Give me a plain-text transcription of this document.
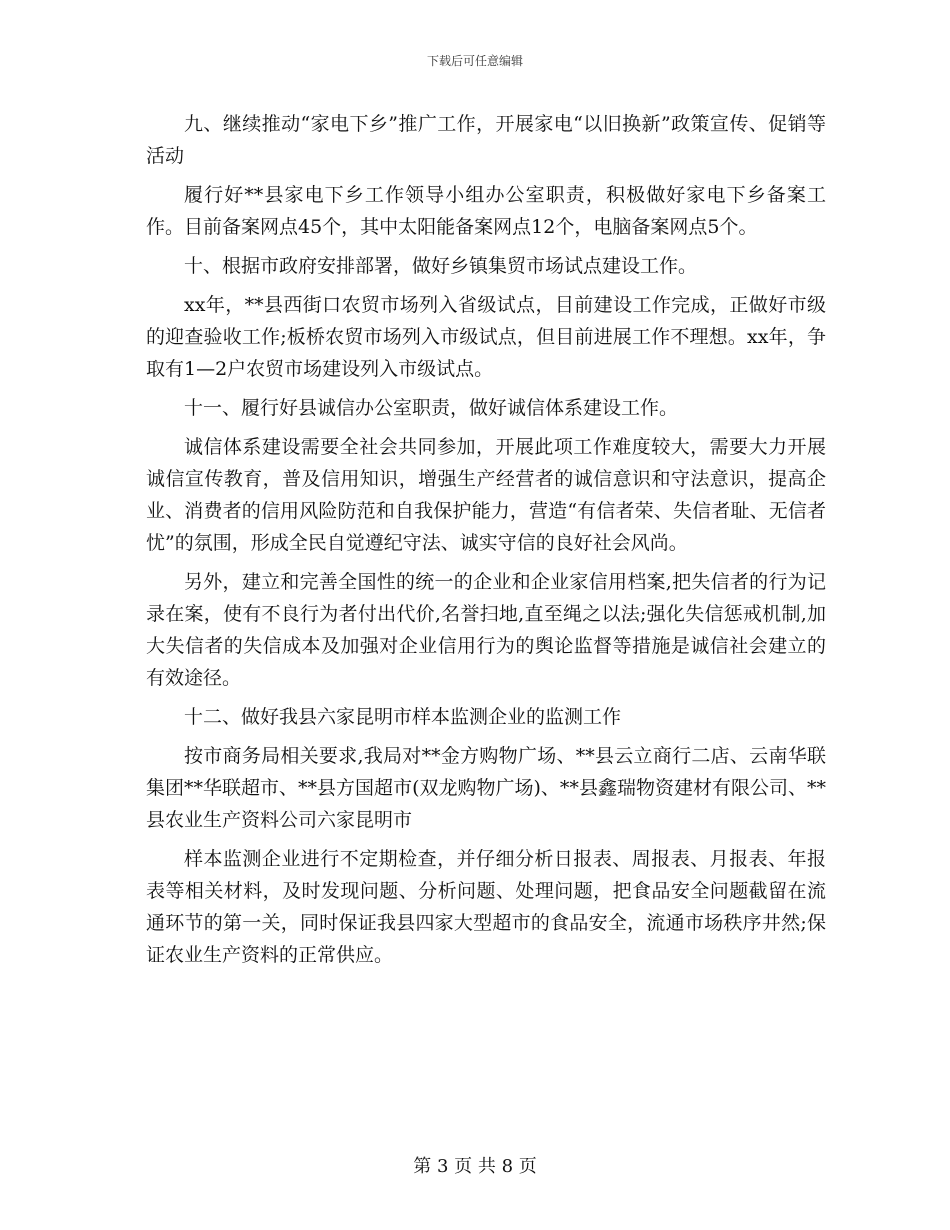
下载后可任意编辑

九、继续推动“家电下乡”推广工作，开展家电“以旧换新”政策宣传、促销等活动

履行好**县家电下乡工作领导小组办公室职责，积极做好家电下乡备案工作。目前备案网点45个，其中太阳能备案网点12个，电脑备案网点5个。

十、根据市政府安排部署，做好乡镇集贸市场试点建设工作。

xx年，**县西街口农贸市场列入省级试点，目前建设工作完成，正做好市级的迎查验收工作;板桥农贸市场列入市级试点，但目前进展工作不理想。xx年，争取有1—2户农贸市场建设列入市级试点。

十一、履行好县诚信办公室职责，做好诚信体系建设工作。

诚信体系建设需要全社会共同参加，开展此项工作难度较大，需要大力开展诚信宣传教育，普及信用知识，增强生产经营者的诚信意识和守法意识，提高企业、消费者的信用风险防范和自我保护能力，营造“有信者荣、失信者耻、无信者忧”的氛围，形成全民自觉遵纪守法、诚实守信的良好社会风尚。

另外，建立和完善全国性的统一的企业和企业家信用档案,把失信者的行为记录在案，使有不良行为者付出代价,名誉扫地,直至绳之以法;强化失信惩戒机制,加大失信者的失信成本及加强对企业信用行为的舆论监督等措施是诚信社会建立的有效途径。

十二、做好我县六家昆明市样本监测企业的监测工作

按市商务局相关要求,我局对**金方购物广场、**县云立商行二店、云南华联集团**华联超市、**县方国超市(双龙购物广场)、**县鑫瑞物资建材有限公司、**县农业生产资料公司六家昆明市

样本监测企业进行不定期检查，并仔细分析日报表、周报表、月报表、年报表等相关材料，及时发现问题、分析问题、处理问题，把食品安全问题截留在流通环节的第一关，同时保证我县四家大型超市的食品安全，流通市场秩序井然;保证农业生产资料的正常供应。

第 3 页 共 8 页
